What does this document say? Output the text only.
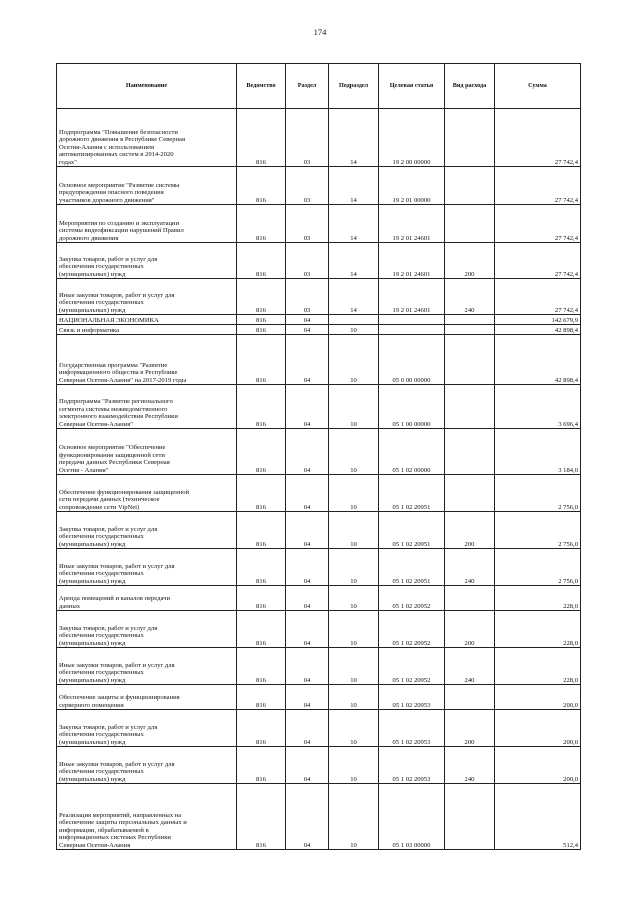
174
Наименование	Ведомство	Раздел	Подраздел	Целевая статья	Вид расхода	Сумма
Подпрограмма "Повышение безопасности
дорожного движения в Республике Северная
Осетия-Алания с использованием
автоматизированных систем в 2014-2020
годах"	816	03	14	19 2 00 00000		27 742,4

Основное мероприятие "Развитие системы
предупреждения опасного поведения
участников дорожного движения"	816	03	14	19 2 01 00000		27 742,4
Мероприятия по созданию и эксплуатации
системы видеофиксации нарушений Правил
дорожного движения	816	03	14	19 2 01 24601		27 742,4
Закупка товаров, работ и услуг для
обеспечения государственных
(муниципальных) нужд	816	03	14	19 2 01 24601	200	27 742,4
Иные закупки товаров, работ и услуг для
обеспечения государственных
(муниципальных) нужд	816	03	14	19 2 01 24601	240	27 742,4
НАЦИОНАЛЬНАЯ ЭКОНОМИКА	816	04				142 679,9
Связь и информатика	816	04	10			42 898,4

Государственная программа "Развитие
информационного общества в Республике
Северная Осетия-Алания" на 2017-2019 годы	816	04	10	05 0 00 00000		42 898,4
Подпрограмма "Развитие регионального
сегмента системы межведомственного
электронного взаимодействия Республики
Северная Осетия-Алания"	816	04	10	05 1 00 00000		3 696,4
Основное мероприятие "Обеспечение
функционирования защищенной сети
передачи данных Республики Северная
Осетия - Алания"	816	04	10	05 1 02 00000		3 184,0
Обеспечение функционирования защищенной
сети передачи данных (техническое
сопровождение сети VipNet)	816	04	10	05 1 02 20951		2 756,0
Закупка товаров, работ и услуг для
обеспечения государственных
(муниципальных) нужд	816	04	10	05 1 02 20951	200	2 756,0
Иные закупки товаров, работ и услуг для
обеспечения государственных
(муниципальных) нужд	816	04	10	05 1 02 20951	240	2 756,0
Аренда помещений и каналов передачи
данных	816	04	10	05 1 02 20952		228,0
Закупка товаров, работ и услуг для
обеспечения государственных
(муниципальных) нужд	816	04	10	05 1 02 20952	200	228,0
Иные закупки товаров, работ и услуг для
обеспечения государственных
(муниципальных) нужд	816	04	10	05 1 02 20952	240	228,0
Обеспечение защиты и функционирования
серверного помещения	816	04	10	05 1 02 20953		200,0
Закупка товаров, работ и услуг для
обеспечения государственных
(муниципальных) нужд	816	04	10	05 1 02 20953	200	200,0
Иные закупки товаров, работ и услуг для
обеспечения государственных
(муниципальных) нужд	816	04	10	05 1 02 20953	240	200,0
Реализация мероприятий, направленных на
обеспечение защиты персональных данных и
информации, обрабатываемой в
информационных системах Республики
Северная Осетия-Алания	816	04	10	05 1 03 00000		512,4
